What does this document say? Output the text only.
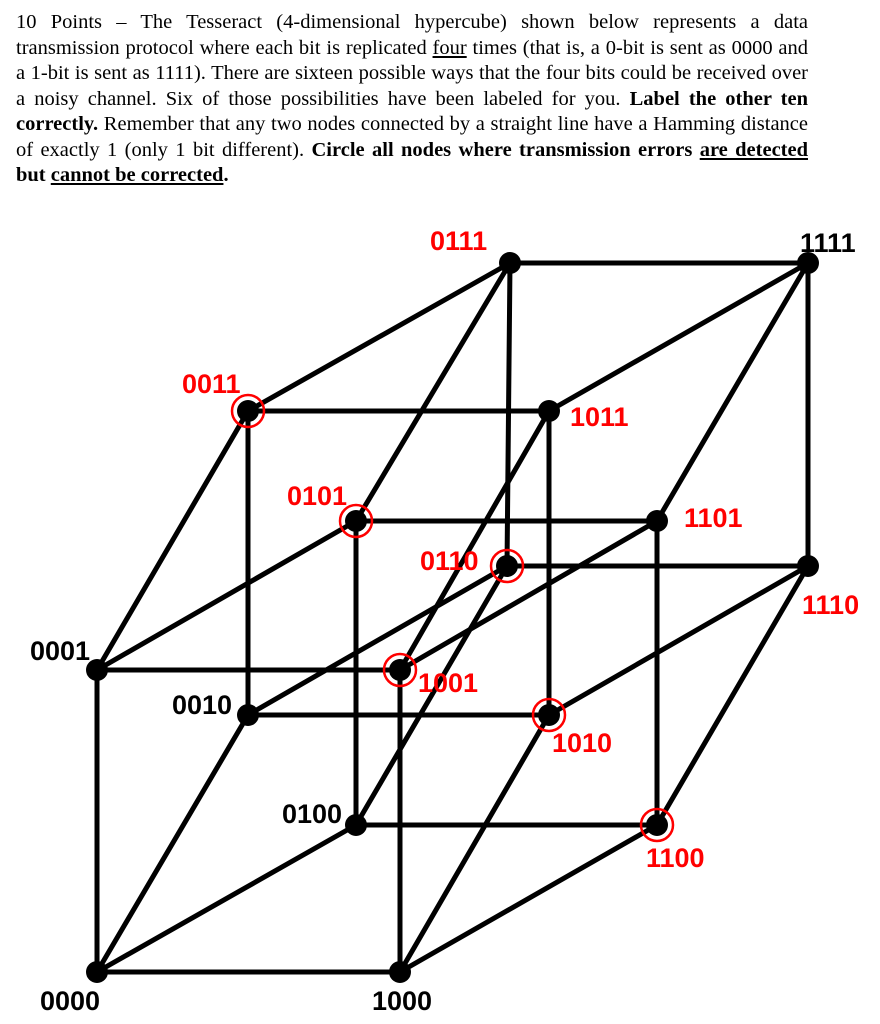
10 Points – The Tesseract (4-dimensional hypercube) shown below represents a data transmission protocol where each bit is replicated four times (that is, a 0-bit is sent as 0000 and a 1-bit is sent as 1111). There are sixteen possible ways that the four bits could be received over a noisy channel. Six of those possibilities have been labeled for you. Label the other ten correctly. Remember that any two nodes connected by a straight line have a Hamming distance of exactly 1 (only 1 bit different). Circle all nodes where transmission errors are detected but cannot be corrected.
0000	1000
0001
0010
0100
1111
0111
0011
1011
0101
1101
0110
1110
1001
1010
1100
